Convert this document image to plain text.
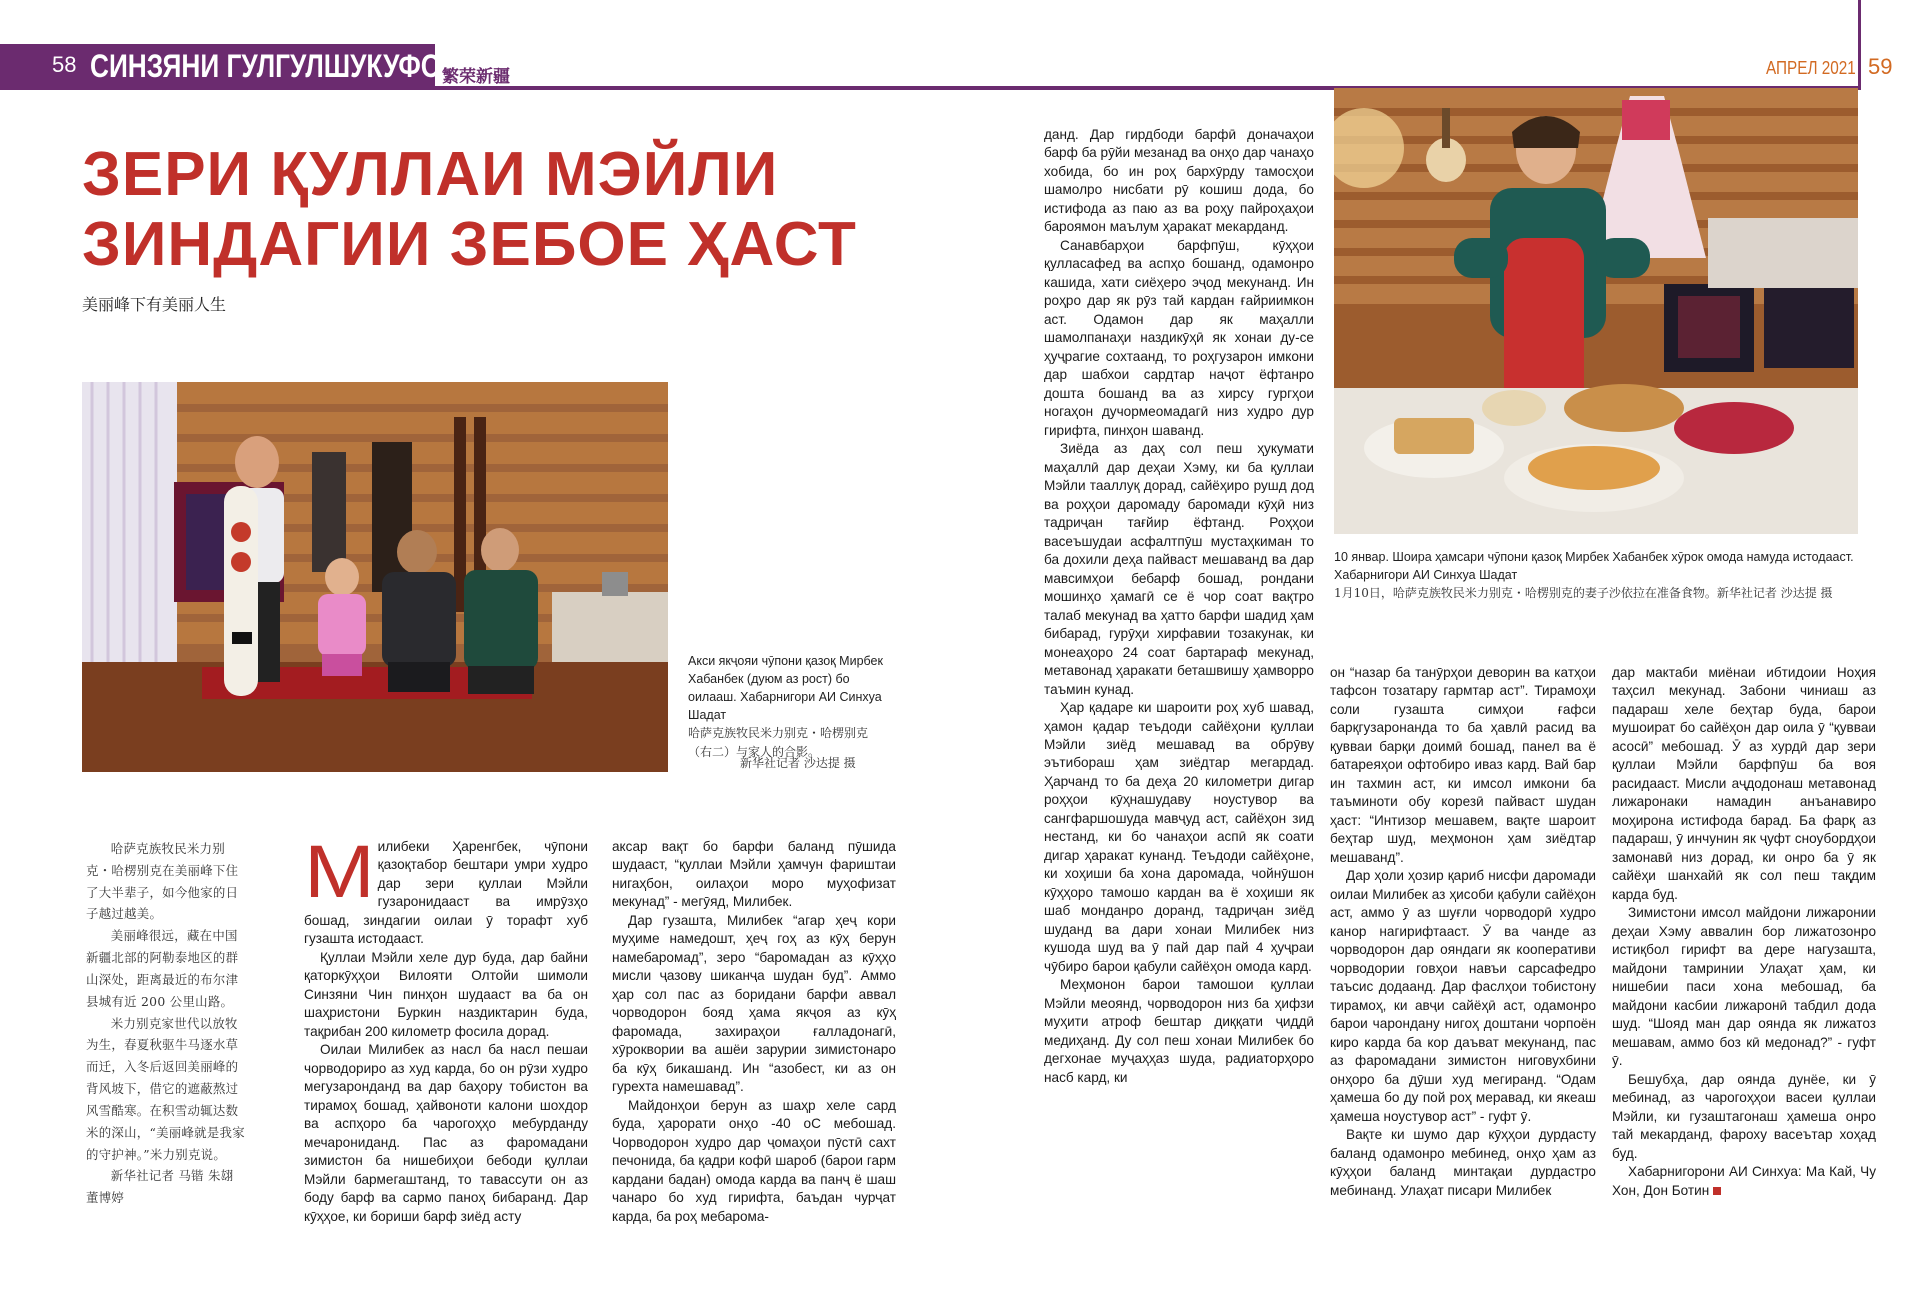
58 СИНЗЯНИ ГУЛГУЛШУКУФОН
繁荣新疆	АПРЕЛ 2021 59
ЗЕРИ ҚУЛЛАИ МЭЙЛИ
ЗИНДАГИИ ЗЕБОЕ ҲАСТ
美丽峰下有美丽人生
Акси якҷояи чӯпони қазоқ Мирбек Хабанбек (дуюм аз рост) бо оилааш. Хабарнигори АИ Синхуа Шадат
哈萨克族牧民米力别克・哈楞别克（右二）与家人的合影。
新华社记者 沙达提 摄
10 январ. Шоира ҳамсари чӯпони қазоқ Мирбек Хабанбек хӯрок омода намуда истодааст. Хабарнигори АИ Синхуа Шадат
1月10日，哈萨克族牧民米力别克・哈楞别克的妻子沙依拉在准备食物。新华社记者 沙达提 摄

哈萨克族牧民米力别克・哈楞别克在美丽峰下住了大半辈子，如今他家的日子越过越美。

美丽峰很远，藏在中国新疆北部的阿勒泰地区的群山深处，距离最近的布尔津县城有近 200 公里山路。

米力别克家世代以放牧为生，春夏秋驱牛马逐水草而迁，入冬后返回美丽峰的背风坡下，借它的遮蔽熬过风雪酷寒。在积雪动辄达数米的深山，“美丽峰就是我家的守护神。”米力别克说。

新华社记者 马锴 朱翃 董博婷

Милибеки Ҳаренгбек, чӯпони қазоқтабор бештари умри худро дар зери қуллаи Мэйли гузаронидааст ва имрӯзҳо бошад, зиндагии оилаи ӯ торафт хуб гузашта истодааст.

Қуллаи Мэйли хеле дур буда, дар байни қаторкӯҳҳои Вилояти Олтойи шимоли Синзяни Чин пинҳон шудааст ва ба он шаҳристони Буркин наздиктарин буда, тақрибан 200 километр фосила дорад.

Оилаи Милибек аз насл ба насл пешаи чорводориро аз худ карда, бо он рӯзи худро мегузаронданд ва дар баҳору тобистон ва тирамоҳ бошад, ҳайвоноти калони шохдор ва аспҳоро ба чарогоҳҳо мебурданду мечарониданд. Пас аз фаромадани зимистон ба нишебиҳои бебоди қуллаи Мэйли бармегаштанд, то тавассути он аз боду барф ва сармо паноҳ бибаранд. Дар кӯҳҳое, ки бориши барф зиёд асту

аксар вақт бо барфи баланд пӯшида шудааст, “қуллаи Мэйли ҳамчун фариштаи нигаҳбон, оилаҳои моро муҳофизат мекунад” - мегӯяд, Милибек.

Дар гузашта, Милибек “агар ҳеҷ кори муҳиме намедошт, ҳеҷ гоҳ аз кӯҳ берун намебаромад”, зеро “баромадан аз кӯҳҳо мисли ҷазову шиканҷа шудан буд”. Аммо ҳар сол пас аз боридани барфи аввал чорводорон бояд ҳама якҷоя аз кӯҳ фаромада, захираҳои ғалладонагӣ, хӯроквории ва ашёи зарурии зимистонаро ба кӯҳ бикашанд. Ин “азобест, ки аз он гурехта намешавад”.

Майдонҳои берун аз шаҳр хеле сард буда, ҳарорати онҳо -40 оС мебошад. Чорводорон худро дар ҷомаҳои пӯстӣ сахт печонида, ба қадри кофӣ шароб (барои гарм кардани бадан) омода карда ва панҷ ё шаш чанаро бо худ гирифта, баъдан чурҷат карда, ба роҳ мебарома-

данд. Дар гирдбоди барфӣ доначаҳои барф ба рӯйи мезанад ва онҳо дар чанаҳо хобида, бо ин роҳ бархӯрду тамосҳои шамолро нисбати рӯ кошиш дода, бо истифода аз паю аз ва роҳу пайроҳаҳои бароямон маълум ҳаракат мекарданд.

Санавбарҳои барфпӯш, кӯҳҳои қулласафед ва аспҳо бошанд, одамонро кашида, хати сиёҳеро эҷод мекунанд. Ин роҳро дар як рӯз тай кардан ғайриимкон аст. Одамон дар як маҳалли шамолпанаҳи наздикӯҳӣ як хонаи ду-се ҳуҷрагие сохтаанд, то роҳгузарон имкони дар шабхои сардтар наҷот ёфтанро дошта бошанд ва аз хирсу гургҳои ногаҳон дучормеомадагӣ низ худро дур гирифта, пинҳон шаванд.

Зиёда аз даҳ сол пеш ҳукумати маҳаллӣ дар деҳаи Хэму, ки ба қуллаи Мэйли тааллуқ дорад, сайёҳиро рушд дод ва роҳҳои даромаду баромади кӯҳӣ низ тадриҷан тағйир ёфтанд. Роҳҳои васеъшудаи асфалтпӯш мустаҳкиман то ба дохили деҳа пайваст мешаванд ва дар мавсимҳои бебарф бошад, рондани мошинҳо ҳамагӣ се ё чор соат вақтро талаб мекунад ва ҳатто барфи шадид ҳам бибарад, гурӯҳи хирфавии тозакунак, ки монеаҳоро 24 соат бартараф мекунад, метавонад ҳаракати беташвишу ҳамворро таъмин кунад.

Ҳар қадаре ки шароити роҳ хуб шавад, ҳамон қадар теъдоди сайёҳони қуллаи Мэйли зиёд мешавад ва обрӯву эътибораш ҳам зиёдтар мегардад. Ҳарчанд то ба деҳа 20 километри дигар роҳҳои кӯҳнашудаву ноустувор ва сангфаршошуда мавҷуд аст, сайёҳон зид нестанд, ки бо чанаҳои аспӣ як соати дигар ҳаракат кунанд. Теъдоди сайёҳоне, ки хоҳиши ба хона даромада, чойнӯшон кӯҳҳоро тамошо кардан ва ё хоҳиши як шаб монданро доранд, тадриҷан зиёд шуданд ва дари хонаи Милибек низ кушода шуд ва ӯ пай дар пай 4 ҳуҷраи чӯбиро барои қабули сайёҳон омода кард.

Меҳмонон барои тамошои қуллаи Мэйли меоянд, чорводорон низ ба ҳифзи муҳити атроф бештар диққати ҷиддӣ медиҳанд. Ду сол пеш хонаи Милибек бо дегхонае муҷаҳҳаз шуда, радиаторҳоро насб кард, ки

он “назар ба танӯрҳои деворин ва катҳои тафсон тозатару гармтар аст”. Тирамоҳи соли гузашта симҳои ғафси барқгузаронанда то ба ҳавлӣ расид ва қувваи барқи доимӣ бошад, панел ва ё батареяҳои офтобиро иваз кард. Вай бар ин тахмин аст, ки имсол имкони ба таъминоти обу корезӣ пайваст шудан ҳаст: “Интизор мешавем, вақте шароит беҳтар шуд, меҳмонон ҳам зиёдтар мешаванд”.

Дар ҳоли ҳозир қариб нисфи даромади оилаи Милибек аз ҳисоби қабули сайёҳон аст, аммо ӯ аз шуғли чорводорӣ худро канор нагирифтааст. Ӯ ва чанде аз чорводорон дар ояндаги як кооперативи чорводории говҳои навъи сарсафедро таъсис додаанд. Дар фаслҳои тобистону тирамоҳ, ки авҷи сайёҳӣ аст, одамонро барои чарондану нигоҳ доштани чорпоён киро карда ба кор даъват мекунанд, пас аз фаромадани зимистон ниговухбини онҳоро ба дӯши худ мегиранд. “Одам ҳамеша бо ду пой роҳ меравад, ки якеаш ҳамеша ноустувор аст” - гуфт ӯ.

Вақте ки шумо дар кӯҳҳои дурдасту баланд одамонро мебинед, онҳо ҳам аз кӯҳҳои баланд минтақаи дурдастро мебинанд. Улаҳат писари Милибек

дар мактаби миёнаи ибтидоии Ноҳия таҳсил мекунад. Забони чиниаш аз падараш хеле беҳтар буда, барои мушоират бо сайёҳон дар оила ӯ “қувваи асосӣ” мебошад. Ӯ аз хурдӣ дар зери қуллаи Мэйли барфпӯш ба воя расидааст. Мисли аҷдодонаш метавонад лижаронаки намадин анъанавиро моҳирона истифода барад. Ба фарқ аз падараш, ӯ инчунин як ҷуфт сноубордҳои замонавӣ низ дорад, ки онро ба ӯ як сайёҳи шанхайӣ як сол пеш тақдим карда буд.

Зимистони имсол майдони лижаронии деҳаи Хэму аввалин бор лижатозонро истиқбол гирифт ва дере нагузашта, майдони тамринии Улаҳат ҳам, ки нишебии паси хона мебошад, ба майдони касбии лижаронӣ табдил дода шуд. “Шояд ман дар оянда як лижатоз мешавам, аммо боз кӣ медонад?” - гуфт ӯ.

Бешубҳа, дар оянда дунёе, ки ӯ мебинад, аз чарогоҳҳои васеи қуллаи Мэйли, ки гузаштагонаш ҳамеша онро тай мекарданд, фароху васеътар хоҳад буд.

Хабарнигорони АИ Синхуа: Ма Кай, Чу Хон, Дон Ботин
